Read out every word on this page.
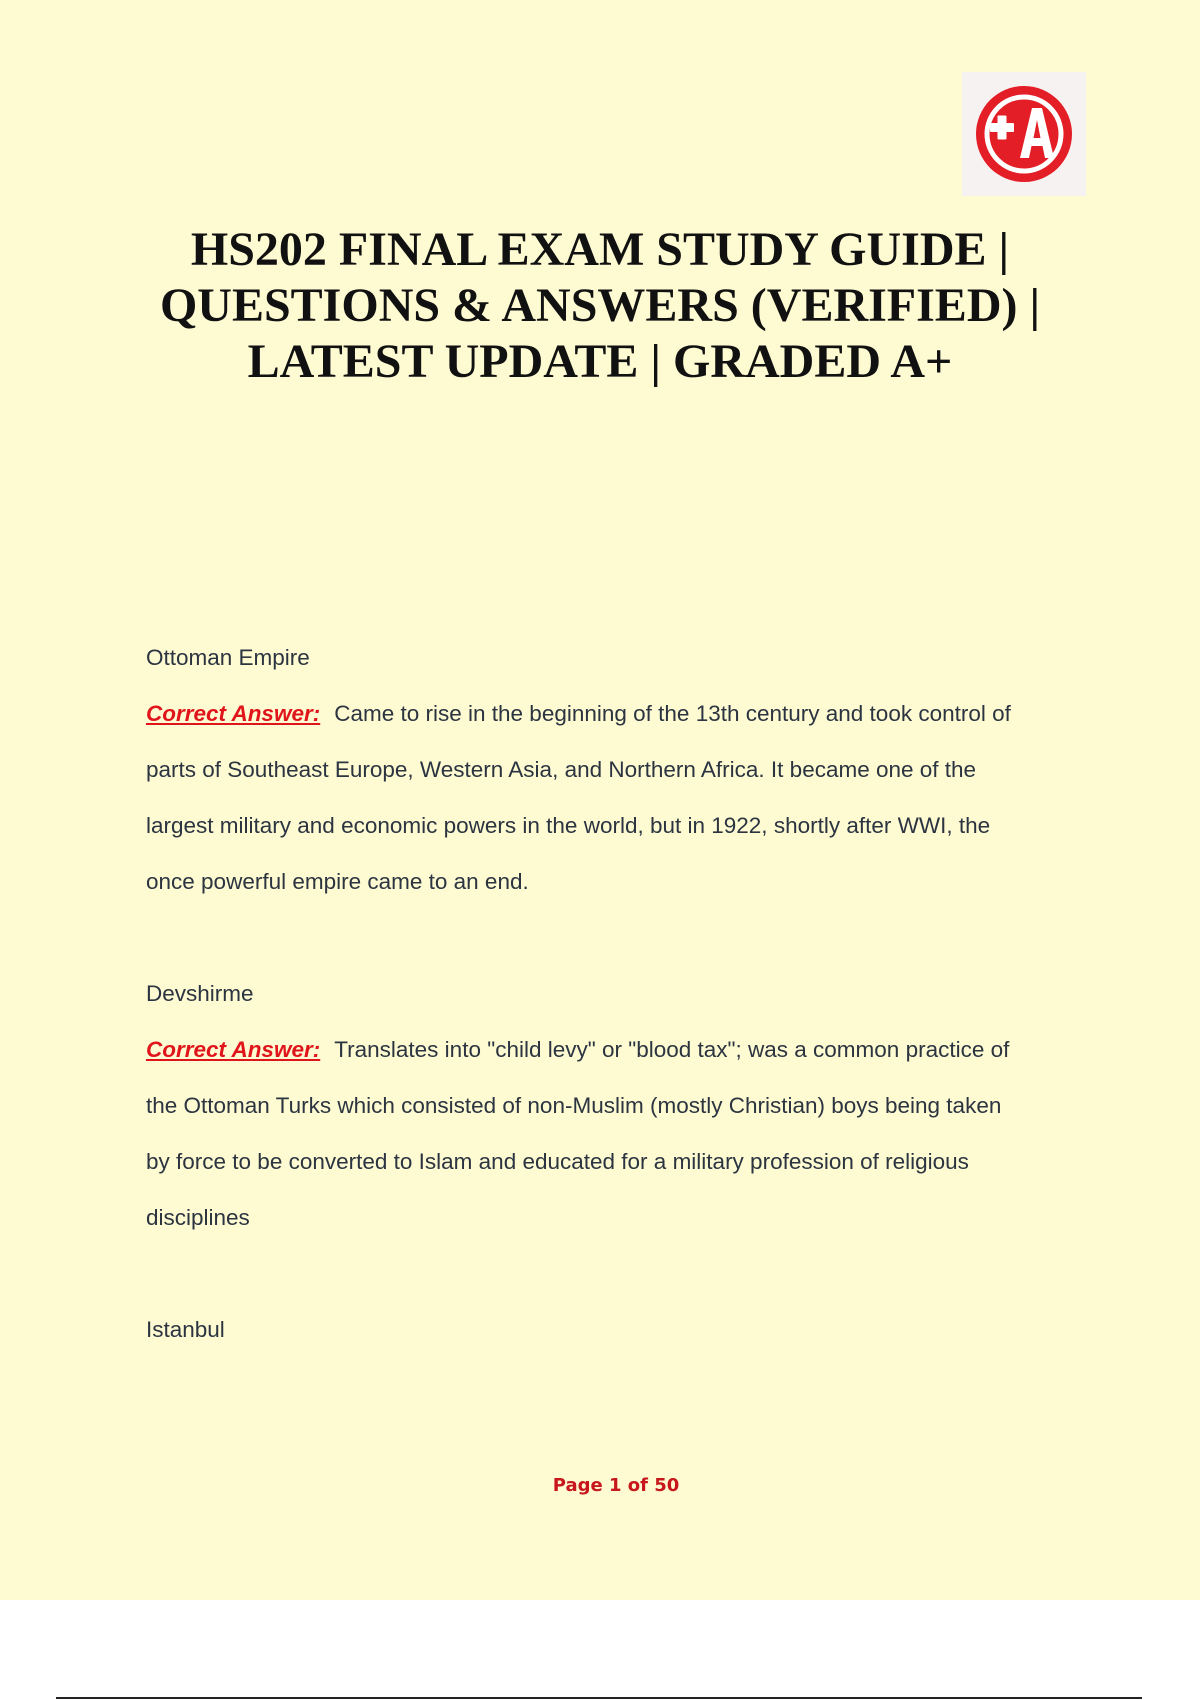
HS202 FINAL EXAM STUDY GUIDE |
QUESTIONS & ANSWERS (VERIFIED) |
LATEST UPDATE | GRADED A+
Ottoman Empire
Correct Answer: Came to rise in the beginning of the 13th century and took control of
parts of Southeast Europe, Western Asia, and Northern Africa. It became one of the
largest military and economic powers in the world, but in 1922, shortly after WWI, the
once powerful empire came to an end.
Devshirme
Correct Answer: Translates into "child levy" or "blood tax"; was a common practice of
the Ottoman Turks which consisted of non-Muslim (mostly Christian) boys being taken
by force to be converted to Islam and educated for a military profession of religious
disciplines
Istanbul
Page 1 of 50
